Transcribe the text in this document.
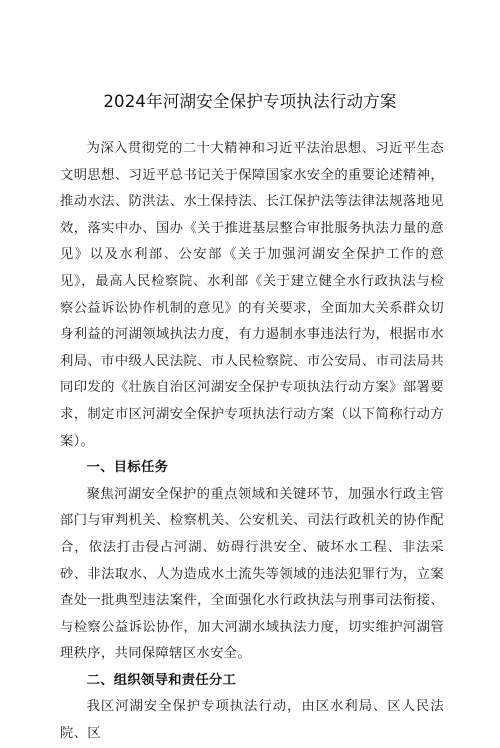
2024年河湖安全保护专项执法行动方案

为深入贯彻党的二十大精神和习近平法治思想、习近平生态文明思想、习近平总书记关于保障国家水安全的重要论述精神，推动水法、防洪法、水土保持法、长江保护法等法律法规落地见效，落实中办、国办《关于推进基层整合审批服务执法力量的意见》以及水利部、公安部《关于加强河湖安全保护工作的意见》，最高人民检察院、水利部《关于建立健全水行政执法与检察公益诉讼协作机制的意见》的有关要求，全面加大关系群众切身利益的河湖领域执法力度，有力遏制水事违法行为，根据市水利局、市中级人民法院、市人民检察院、市公安局、市司法局共同印发的《壮族自治区河湖安全保护专项执法行动方案》部署要求，制定市区河湖安全保护专项执法行动方案（以下简称行动方案）。

一、目标任务

聚焦河湖安全保护的重点领域和关键环节，加强水行政主管部门与审判机关、检察机关、公安机关、司法行政机关的协作配合，依法打击侵占河湖、妨碍行洪安全、破坏水工程、非法采砂、非法取水、人为造成水土流失等领域的违法犯罪行为，立案查处一批典型违法案件，全面强化水行政执法与刑事司法衔接、与检察公益诉讼协作，加大河湖水域执法力度，切实维护河湖管理秩序，共同保障辖区水安全。

二、组织领导和责任分工

我区河湖安全保护专项执法行动，由区水利局、区人民法院、区
